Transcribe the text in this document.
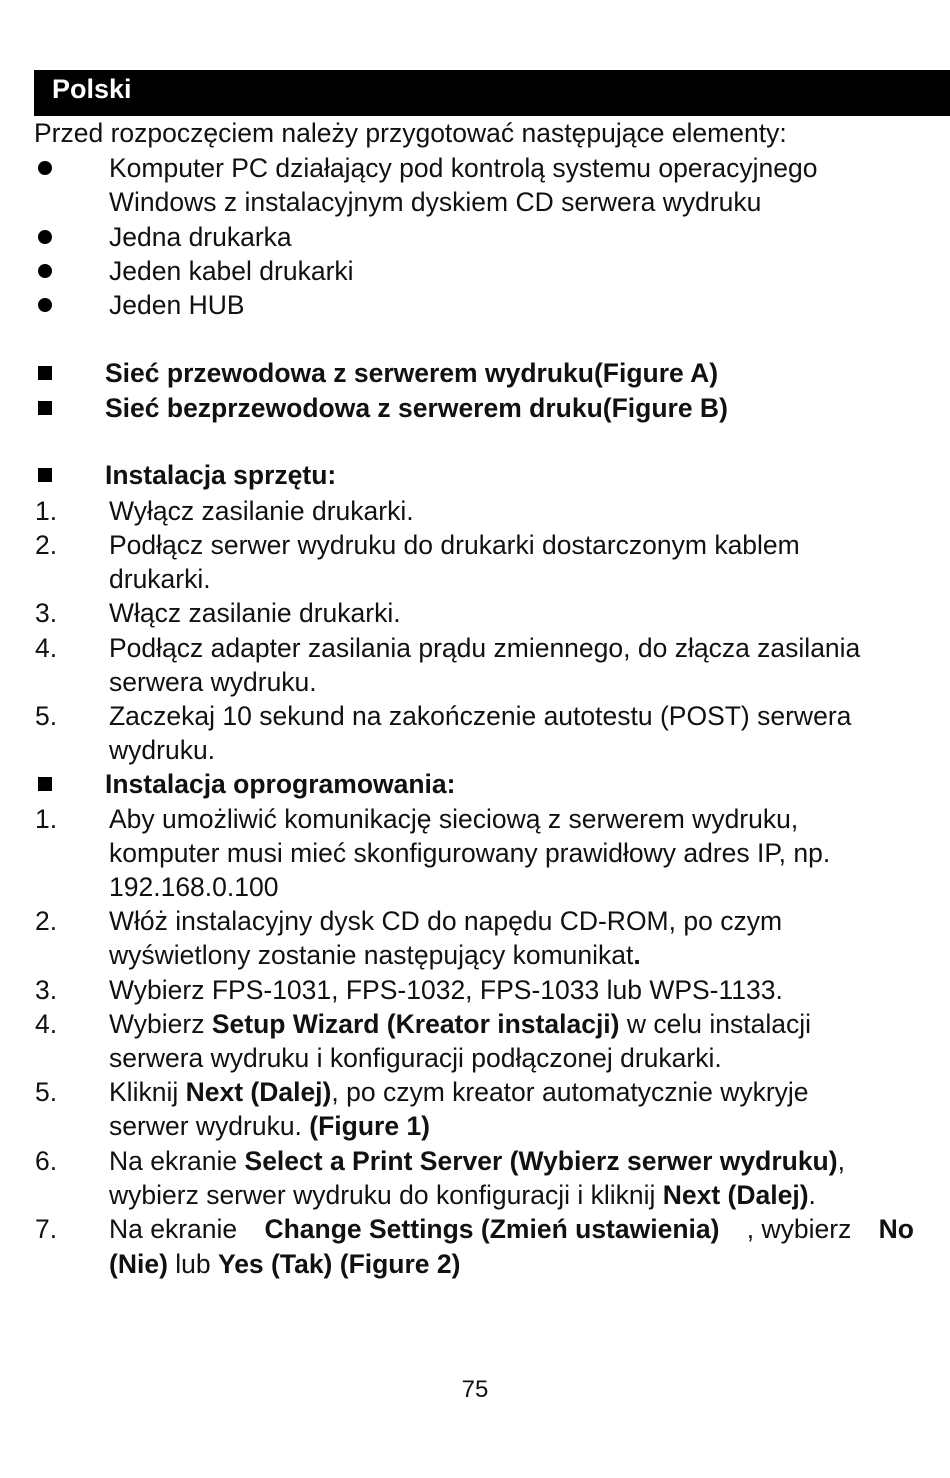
Polski
Przed rozpoczęciem należy przygotować następujące elementy:
Komputer PC działający pod kontrolą systemu operacyjnego
Windows z instalacyjnym dyskiem CD serwera wydruku
Jedna drukarka
Jeden kabel drukarki
Jeden HUB
Sieć przewodowa z serwerem wydruku(Figure A)
Sieć bezprzewodowa z serwerem druku(Figure B)
Instalacja sprzętu:
1. Wyłącz zasilanie drukarki.
2. Podłącz serwer wydruku do drukarki dostarczonym kablem
drukarki.
3. Włącz zasilanie drukarki.
4. Podłącz adapter zasilania prądu zmiennego, do złącza zasilania
serwera wydruku.
5. Zaczekaj 10 sekund na zakończenie autotestu (POST) serwera
wydruku.
Instalacja oprogramowania:
1. Aby umożliwić komunikację sieciową z serwerem wydruku,
komputer musi mieć skonfigurowany prawidłowy adres IP, np.
192.168.0.100
2. Włóż instalacyjny dysk CD do napędu CD-ROM, po czym
wyświetlony zostanie następujący komunikat.
3. Wybierz FPS-1031, FPS-1032, FPS-1033 lub WPS-1133.
4. Wybierz Setup Wizard (Kreator instalacji) w celu instalacji
serwera wydruku i konfiguracji podłączonej drukarki.
5. Kliknij Next (Dalej), po czym kreator automatycznie wykryje
serwer wydruku. (Figure 1)
6. Na ekranie Select a Print Server (Wybierz serwer wydruku),
wybierz serwer wydruku do konfiguracji i kliknij Next (Dalej).
7. Na ekranie Change Settings (Zmień ustawienia) , wybierz No
(Nie) lub Yes (Tak) (Figure 2)
75
